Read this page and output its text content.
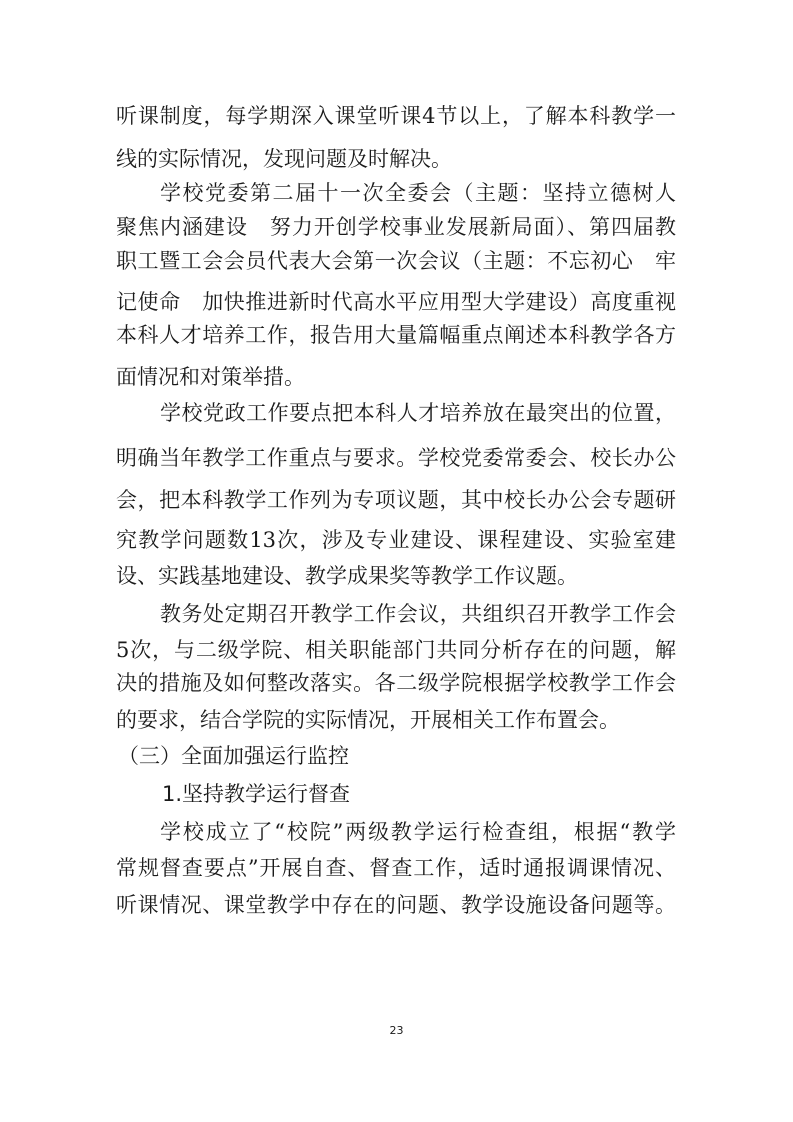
听课制度，每学期深入课堂听课4节以上，了解本科教学一
线的实际情况，发现问题及时解决。
学校党委第二届十一次全委会（主题：坚持立德树人
聚焦内涵建设　努力开创学校事业发展新局面）、第四届教
职工暨工会会员代表大会第一次会议（主题：不忘初心　牢
记使命　加快推进新时代高水平应用型大学建设）高度重视
本科人才培养工作，报告用大量篇幅重点阐述本科教学各方
面情况和对策举措。
学校党政工作要点把本科人才培养放在最突出的位置，
明确当年教学工作重点与要求。学校党委常委会、校长办公
会，把本科教学工作列为专项议题，其中校长办公会专题研
究教学问题数13次，涉及专业建设、课程建设、实验室建
设、实践基地建设、教学成果奖等教学工作议题。
教务处定期召开教学工作会议，共组织召开教学工作会
5次，与二级学院、相关职能部门共同分析存在的问题，解
决的措施及如何整改落实。各二级学院根据学校教学工作会
的要求，结合学院的实际情况，开展相关工作布置会。
（三）全面加强运行监控
1.坚持教学运行督查
学校成立了“校院”两级教学运行检查组，根据“教学
常规督查要点”开展自查、督查工作，适时通报调课情况、
听课情况、课堂教学中存在的问题、教学设施设备问题等。
23
